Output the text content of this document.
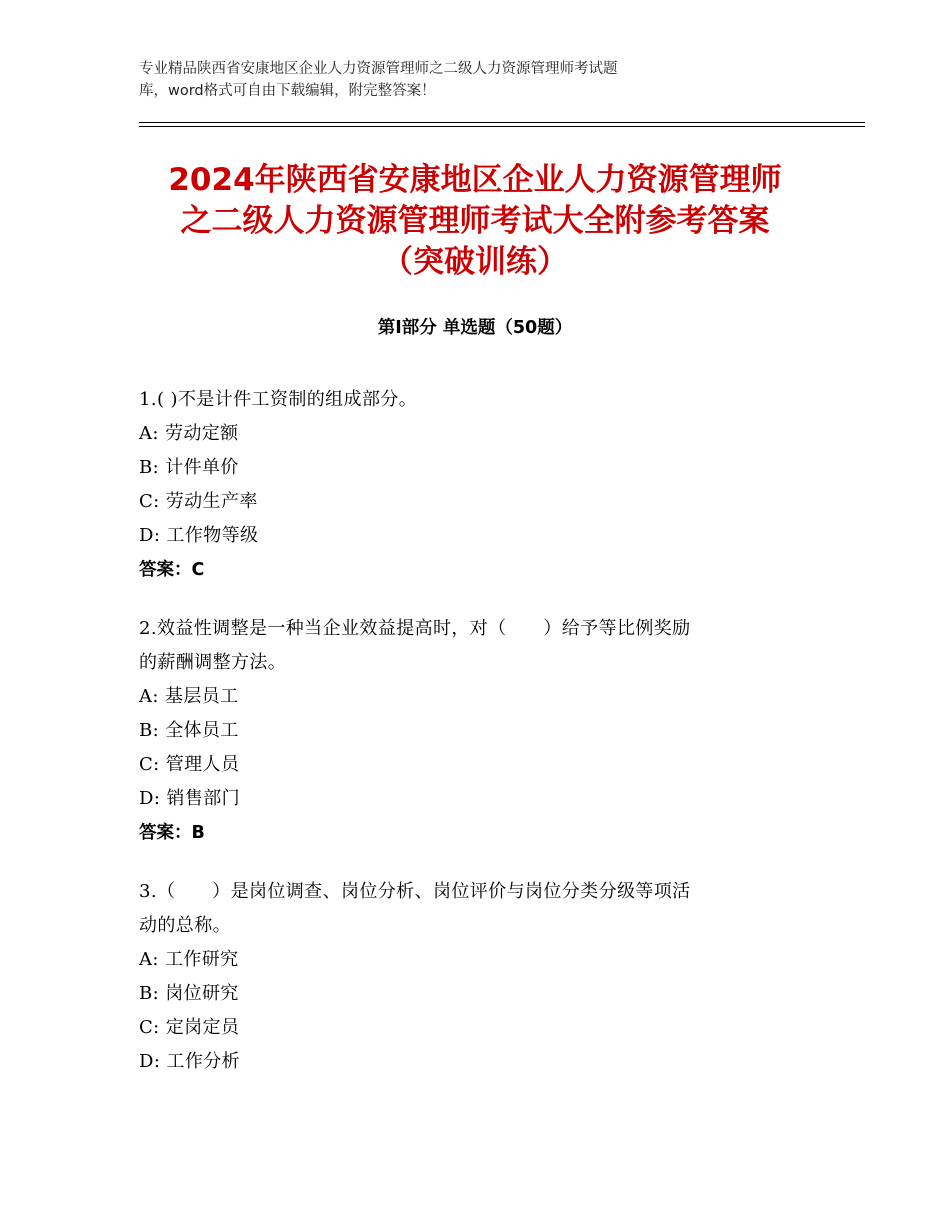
专业精品陕西省安康地区企业人力资源管理师之二级人力资源管理师考试题
库，word格式可自由下载编辑，附完整答案！
2024年陕西省安康地区企业人力资源管理师
之二级人力资源管理师考试大全附参考答案
（突破训练）
第Ⅰ部分 单选题（50题）

1.( )不是计件工资制的组成部分。

A: 劳动定额

B: 计件单价

C: 劳动生产率

D: 工作物等级

答案：C

2.效益性调整是一种当企业效益提高时，对（　　）给予等比例奖励

的薪酬调整方法。

A: 基层员工

B: 全体员工

C: 管理人员

D: 销售部门

答案：B

3.（　　）是岗位调查、岗位分析、岗位评价与岗位分类分级等项活

动的总称。

A: 工作研究

B: 岗位研究

C: 定岗定员

D: 工作分析
